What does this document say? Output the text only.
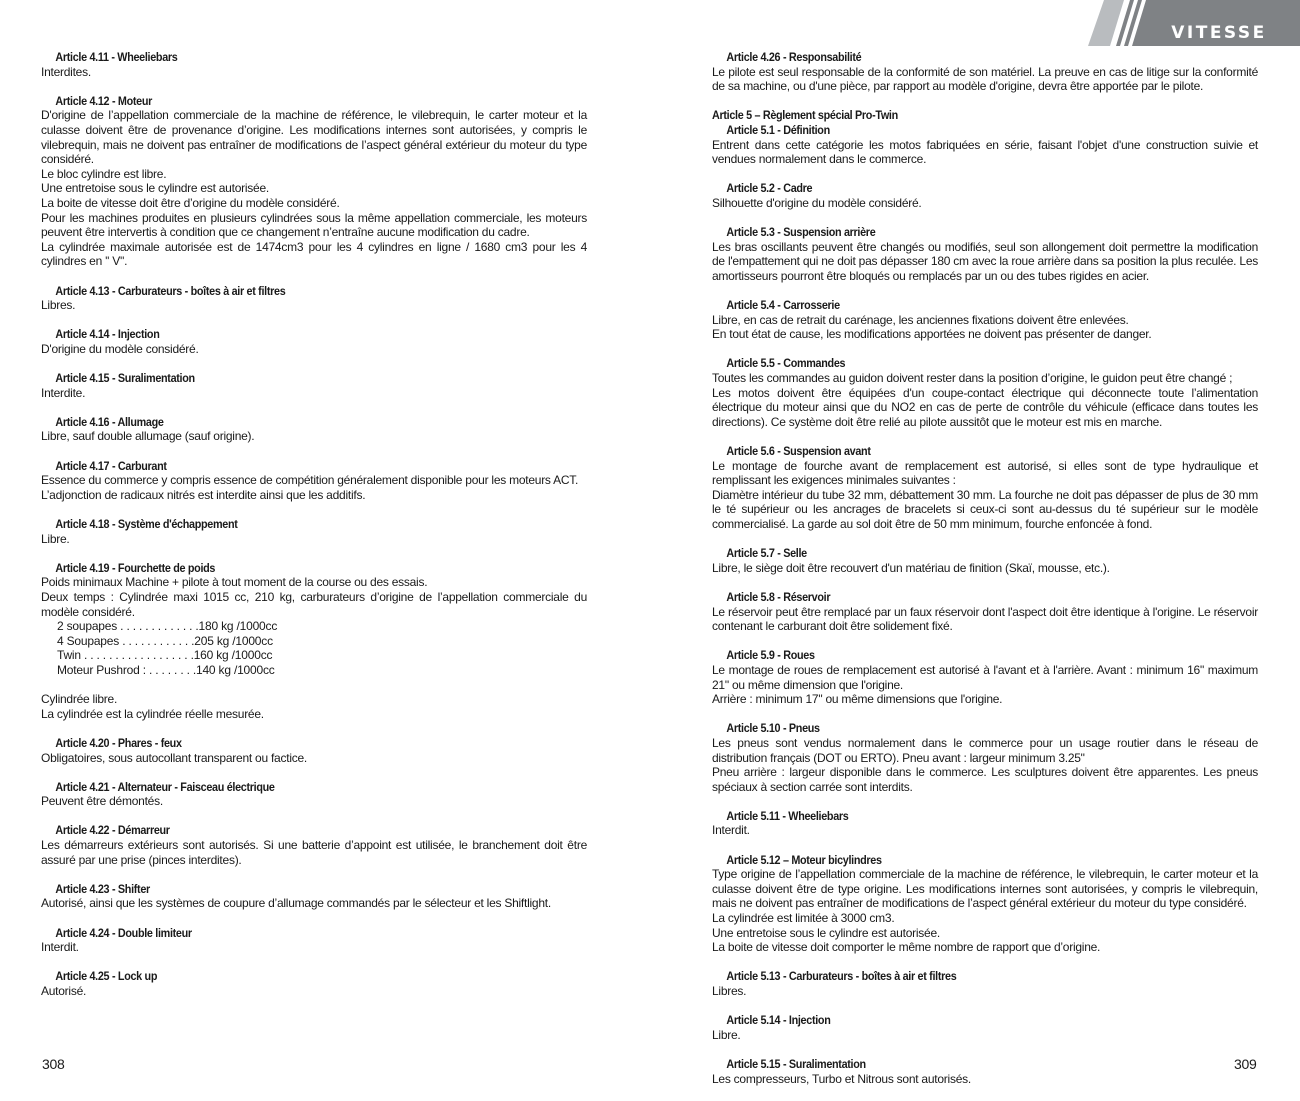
VITESSE
Article 4.11 - Wheeliebars

Interdites.

Article 4.12 - Moteur

D'origine de l’appellation commerciale de la machine de référence, le vilebrequin, le carter moteur et la culasse doivent être de provenance d’origine. Les modifications internes sont autorisées, y compris le vilebrequin, mais ne doivent pas entraîner de modifications de l’aspect général extérieur du moteur du type considéré.

Le bloc cylindre est libre.

Une entretoise sous le cylindre est autorisée.

La boite de vitesse doit être d’origine du modèle considéré.

Pour les machines produites en plusieurs cylindrées sous la même appellation commerciale, les moteurs peuvent être intervertis à condition que ce changement n’entraîne aucune modification du cadre.

La cylindrée maximale autorisée est de 1474cm3 pour les 4 cylindres en ligne / 1680 cm3 pour les 4 cylindres en '' V''.

Article 4.13 - Carburateurs - boîtes à air et filtres

Libres.

Article 4.14 - Injection

D'origine du modèle considéré.

Article 4.15 - Suralimentation

Interdite.

Article 4.16 - Allumage

Libre, sauf double allumage (sauf origine).

Article 4.17 - Carburant

Essence du commerce y compris essence de compétition généralement disponible pour les moteurs ACT.

L’adjonction de radicaux nitrés est interdite ainsi que les additifs.

Article 4.18 - Système d'échappement

Libre.

Article 4.19 - Fourchette de poids

Poids minimaux Machine + pilote à tout moment de la course ou des essais.

Deux temps : Cylindrée maxi 1015 cc, 210 kg, carburateurs d’origine de l’appellation commerciale du modèle considéré.

2 soupapes . . . . . . . . . . . . .180 kg /1000cc
4 Soupapes . . . . . . . . . . . .205 kg /1000cc
Twin . . . . . . . . . . . . . . . . . .160 kg /1000cc
Moteur Pushrod : . . . . . . . .140 kg /1000cc

Cylindrée libre.

La cylindrée est la cylindrée réelle mesurée.

Article 4.20 - Phares - feux

Obligatoires, sous autocollant transparent ou factice.

Article 4.21 - Alternateur - Faisceau électrique

Peuvent être démontés.

Article 4.22 - Démarreur

Les démarreurs extérieurs sont autorisés. Si une batterie d’appoint est utilisée, le branchement doit être assuré par une prise (pinces interdites).

Article 4.23 - Shifter

Autorisé, ainsi que les systèmes de coupure d’allumage commandés par le sélecteur et les Shiftlight.

Article 4.24 - Double limiteur

Interdit.

Article 4.25 - Lock up

Autorisé.

Article 4.26 - Responsabilité

Le pilote est seul responsable de la conformité de son matériel. La preuve en cas de litige sur la conformité de sa machine, ou d'une pièce, par rapport au modèle d'origine, devra être apportée par le pilote.

Article 5 – Règlement spécial Pro-Twin
Article 5.1 - Définition

Entrent dans cette catégorie les motos fabriquées en série, faisant l'objet d'une construction suivie et vendues normalement dans le commerce.

Article 5.2 - Cadre

Silhouette d'origine du modèle considéré.

Article 5.3 - Suspension arrière

Les bras oscillants peuvent être changés ou modifiés, seul son allongement doit permettre la modification de l'empattement qui ne doit pas dépasser 180 cm avec la roue arrière dans sa position la plus reculée. Les amortisseurs pourront être bloqués ou remplacés par un ou des tubes rigides en acier.

Article 5.4 - Carrosserie

Libre, en cas de retrait du carénage, les anciennes fixations doivent être enlevées.

En tout état de cause, les modifications apportées ne doivent pas présenter de danger.

Article 5.5 - Commandes

Toutes les commandes au guidon doivent rester dans la position d’origine, le guidon peut être changé ;

Les motos doivent être équipées d'un coupe-contact électrique qui déconnecte toute l’alimentation électrique du moteur ainsi que du NO2 en cas de perte de contrôle du véhicule (efficace dans toutes les directions). Ce système doit être relié au pilote aussitôt que le moteur est mis en marche.

Article 5.6 - Suspension avant

Le montage de fourche avant de remplacement est autorisé, si elles sont de type hydraulique et remplissant les exigences minimales suivantes :

Diamètre intérieur du tube 32 mm, débattement 30 mm. La fourche ne doit pas dépasser de plus de 30 mm le té supérieur ou les ancrages de bracelets si ceux-ci sont au-dessus du té supérieur sur le modèle commercialisé. La garde au sol doit être de 50 mm minimum, fourche enfoncée à fond.

Article 5.7 - Selle

Libre, le siège doit être recouvert d'un matériau de finition (Skaï, mousse, etc.).

Article 5.8 - Réservoir

Le réservoir peut être remplacé par un faux réservoir dont l'aspect doit être identique à l'origine. Le réservoir contenant le carburant doit être solidement fixé.

Article 5.9 - Roues

Le montage de roues de remplacement est autorisé à l'avant et à l'arrière. Avant : minimum 16" maximum 21" ou même dimension que l'origine.

Arrière : minimum 17" ou même dimensions que l'origine.

Article 5.10 - Pneus

Les pneus sont vendus normalement dans le commerce pour un usage routier dans le réseau de distribution français (DOT ou ERTO). Pneu avant : largeur minimum 3.25"

Pneu arrière : largeur disponible dans le commerce. Les sculptures doivent être apparentes. Les pneus spéciaux à section carrée sont interdits.

Article 5.11 - Wheeliebars

Interdit.

Article 5.12 – Moteur bicylindres

Type origine de l’appellation commerciale de la machine de référence, le vilebrequin, le carter moteur et la culasse doivent être de type origine. Les modifications internes sont autorisées, y compris le vilebrequin, mais ne doivent pas entraîner de modifications de l’aspect général extérieur du moteur du type considéré.

La cylindrée est limitée à 3000 cm3.

Une entretoise sous le cylindre est autorisée.

La boite de vitesse doit comporter le même nombre de rapport que d’origine.

Article 5.13 - Carburateurs - boîtes à air et filtres

Libres.

Article 5.14 - Injection

Libre.

Article 5.15 - Suralimentation

Les compresseurs, Turbo et Nitrous sont autorisés.

308	309
